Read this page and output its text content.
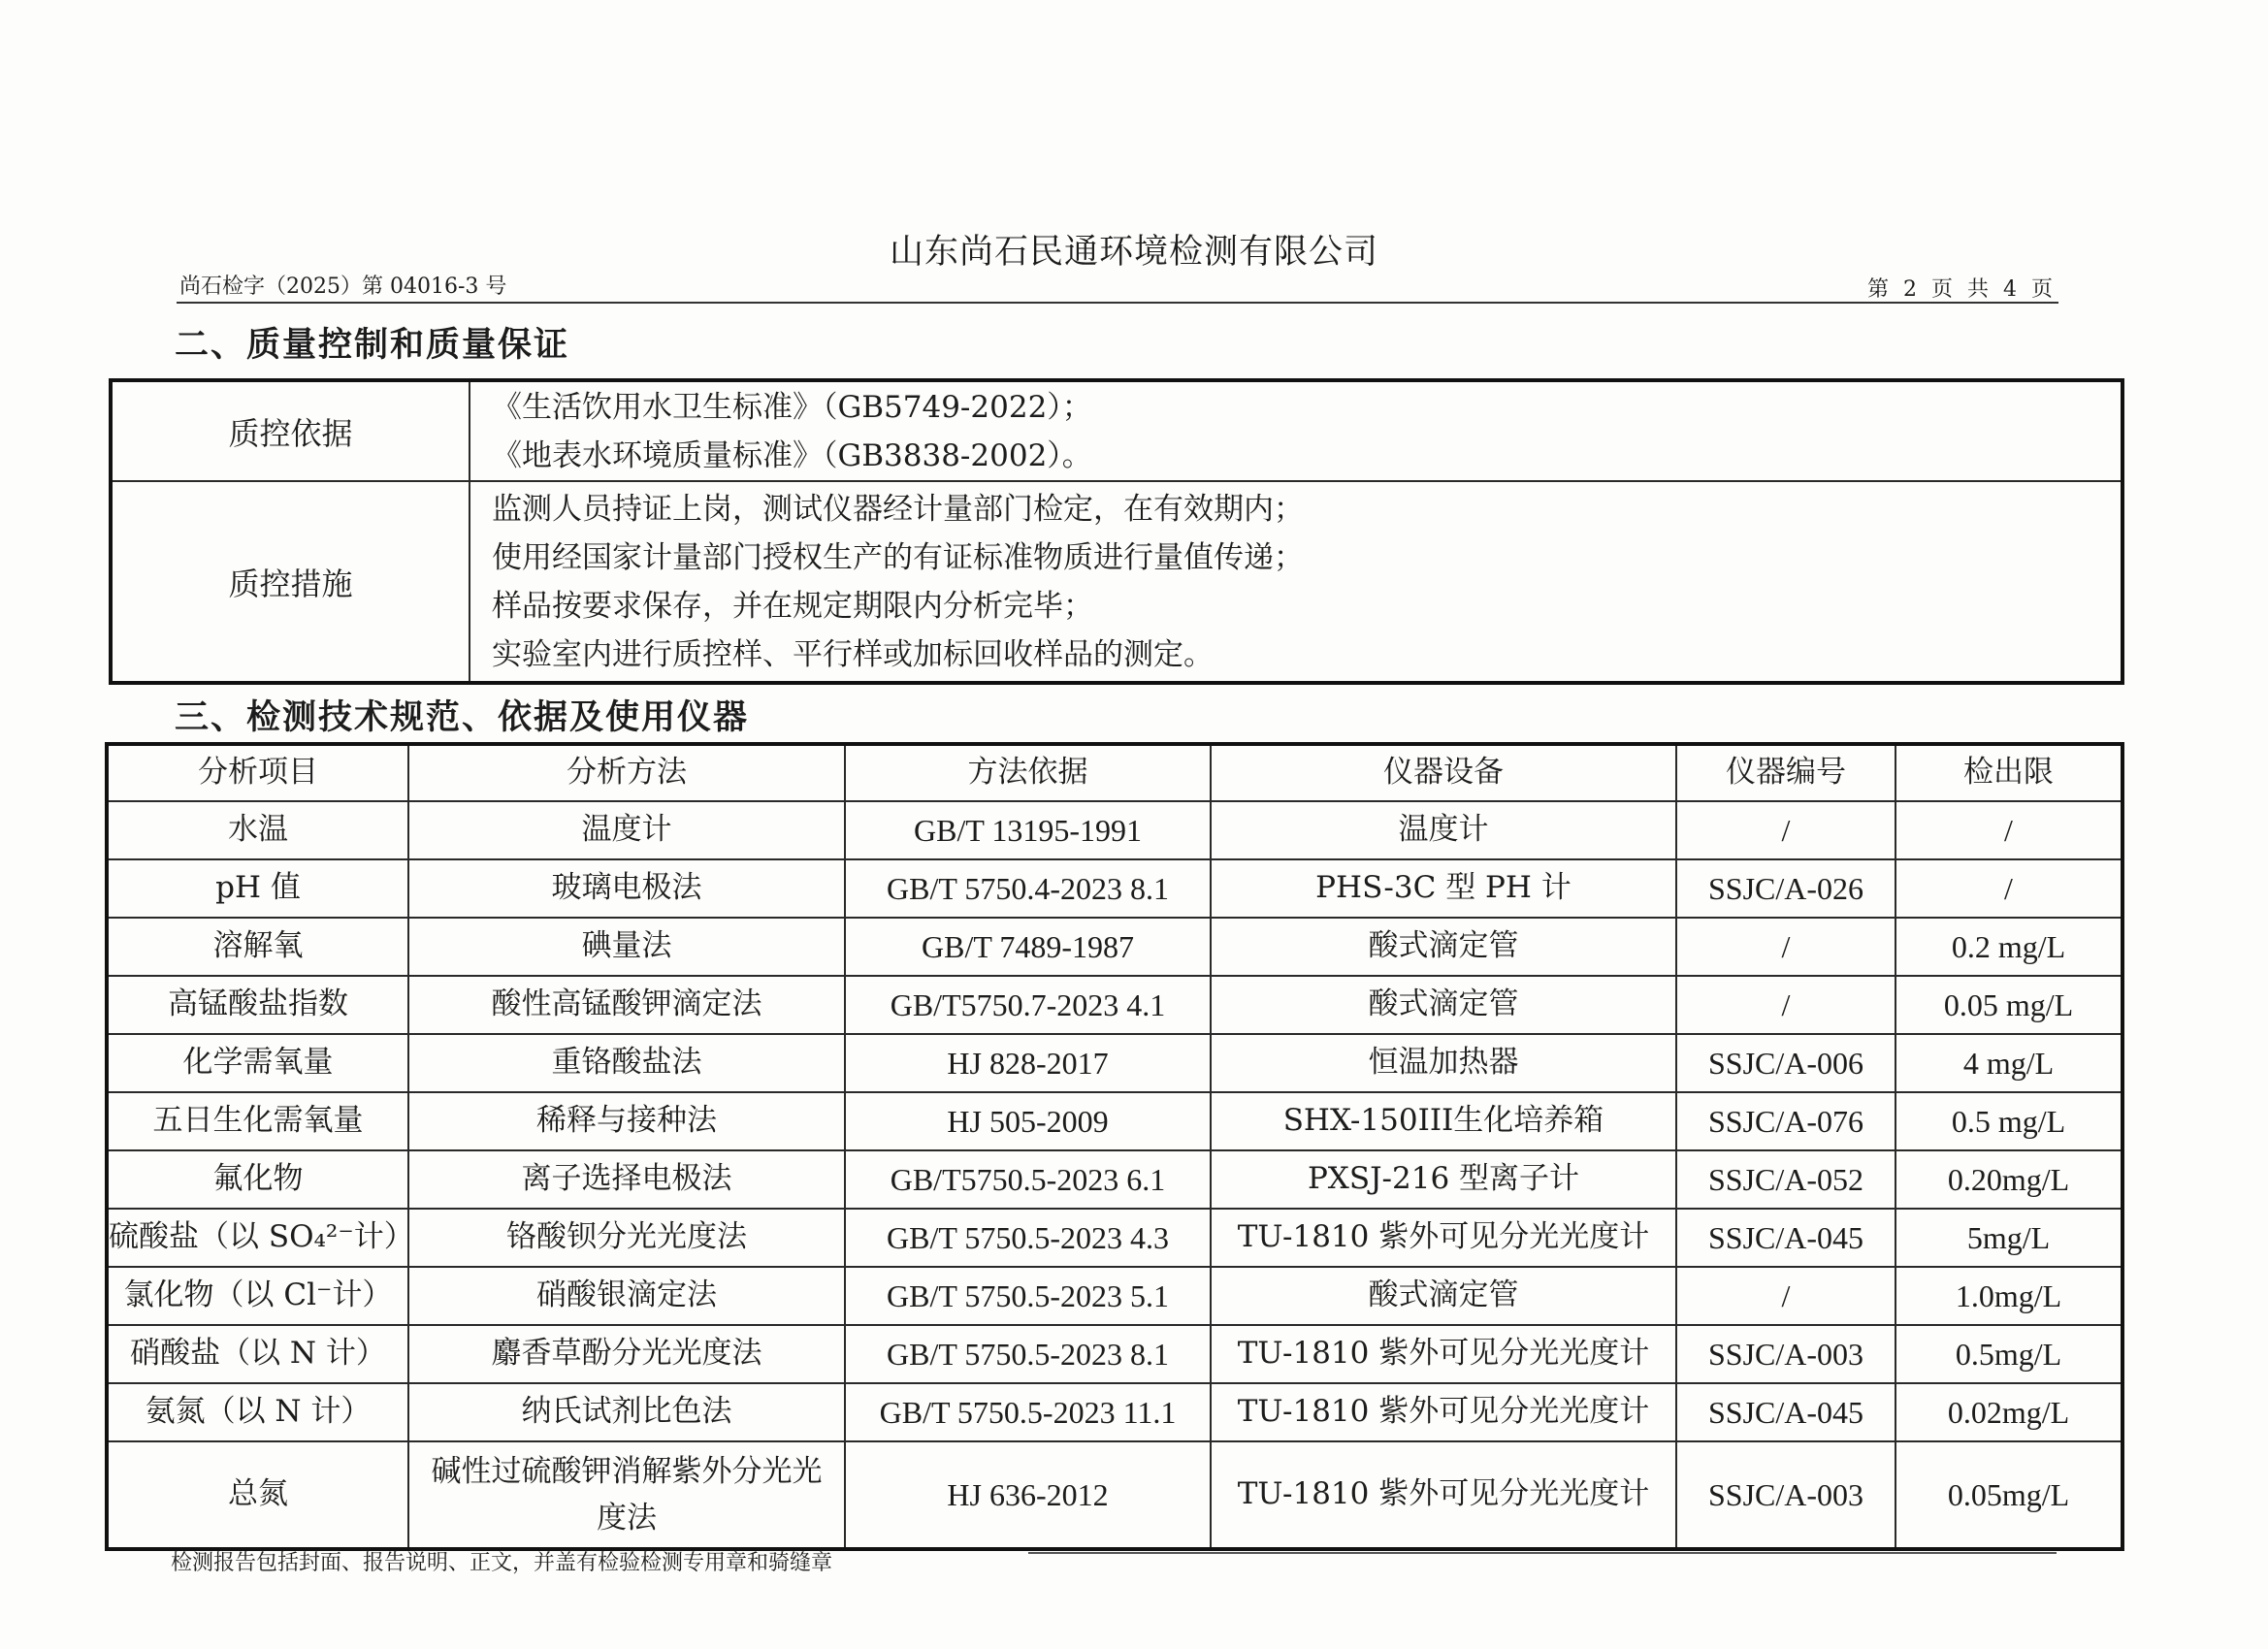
山东尚石民通环境检测有限公司
尚石检字（2025）第 04016-3 号	第 2 页 共 4 页
二、质量控制和质量保证
质控依据	《生活饮用水卫生标准》（GB5749-2022）；
《地表水环境质量标准》（GB3838-2002）。

质控措施	监测人员持证上岗，测试仪器经计量部门检定，在有效期内；
使用经国家计量部门授权生产的有证标准物质进行量值传递；
样品按要求保存，并在规定期限内分析完毕；
实验室内进行质控样、平行样或加标回收样品的测定。
三、检测技术规范、依据及使用仪器
分析项目	分析方法	方法依据	仪器设备	仪器编号	检出限
水温	温度计	GB/T 13195-1991	温度计	/	/
pH 值	玻璃电极法	GB/T 5750.4-2023 8.1	PHS-3C 型 PH 计	SSJC/A-026	/
溶解氧	碘量法	GB/T 7489-1987	酸式滴定管	/	0.2 mg/L
高锰酸盐指数	酸性高锰酸钾滴定法	GB/T5750.7-2023 4.1	酸式滴定管	/	0.05 mg/L
化学需氧量	重铬酸盐法	HJ 828-2017	恒温加热器	SSJC/A-006	4 mg/L
五日生化需氧量	稀释与接种法	HJ 505-2009	SHX-150III生化培养箱	SSJC/A-076	0.5 mg/L
氟化物	离子选择电极法	GB/T5750.5-2023 6.1	PXSJ-216 型离子计	SSJC/A-052	0.20mg/L
硫酸盐（以 SO₄²⁻计）	铬酸钡分光光度法	GB/T 5750.5-2023 4.3	TU-1810 紫外可见分光光度计	SSJC/A-045	5mg/L
氯化物（以 Cl⁻计）	硝酸银滴定法	GB/T 5750.5-2023 5.1	酸式滴定管	/	1.0mg/L
硝酸盐（以 N 计）	麝香草酚分光光度法	GB/T 5750.5-2023 8.1	TU-1810 紫外可见分光光度计	SSJC/A-003	0.5mg/L
氨氮（以 N 计）	纳氏试剂比色法	GB/T 5750.5-2023 11.1	TU-1810 紫外可见分光光度计	SSJC/A-045	0.02mg/L
总氮	碱性过硫酸钾消解紫外分光光度法	HJ 636-2012	TU-1810 紫外可见分光光度计	SSJC/A-003	0.05mg/L
检测报告包括封面、报告说明、正文，并盖有检验检测专用章和骑缝章
